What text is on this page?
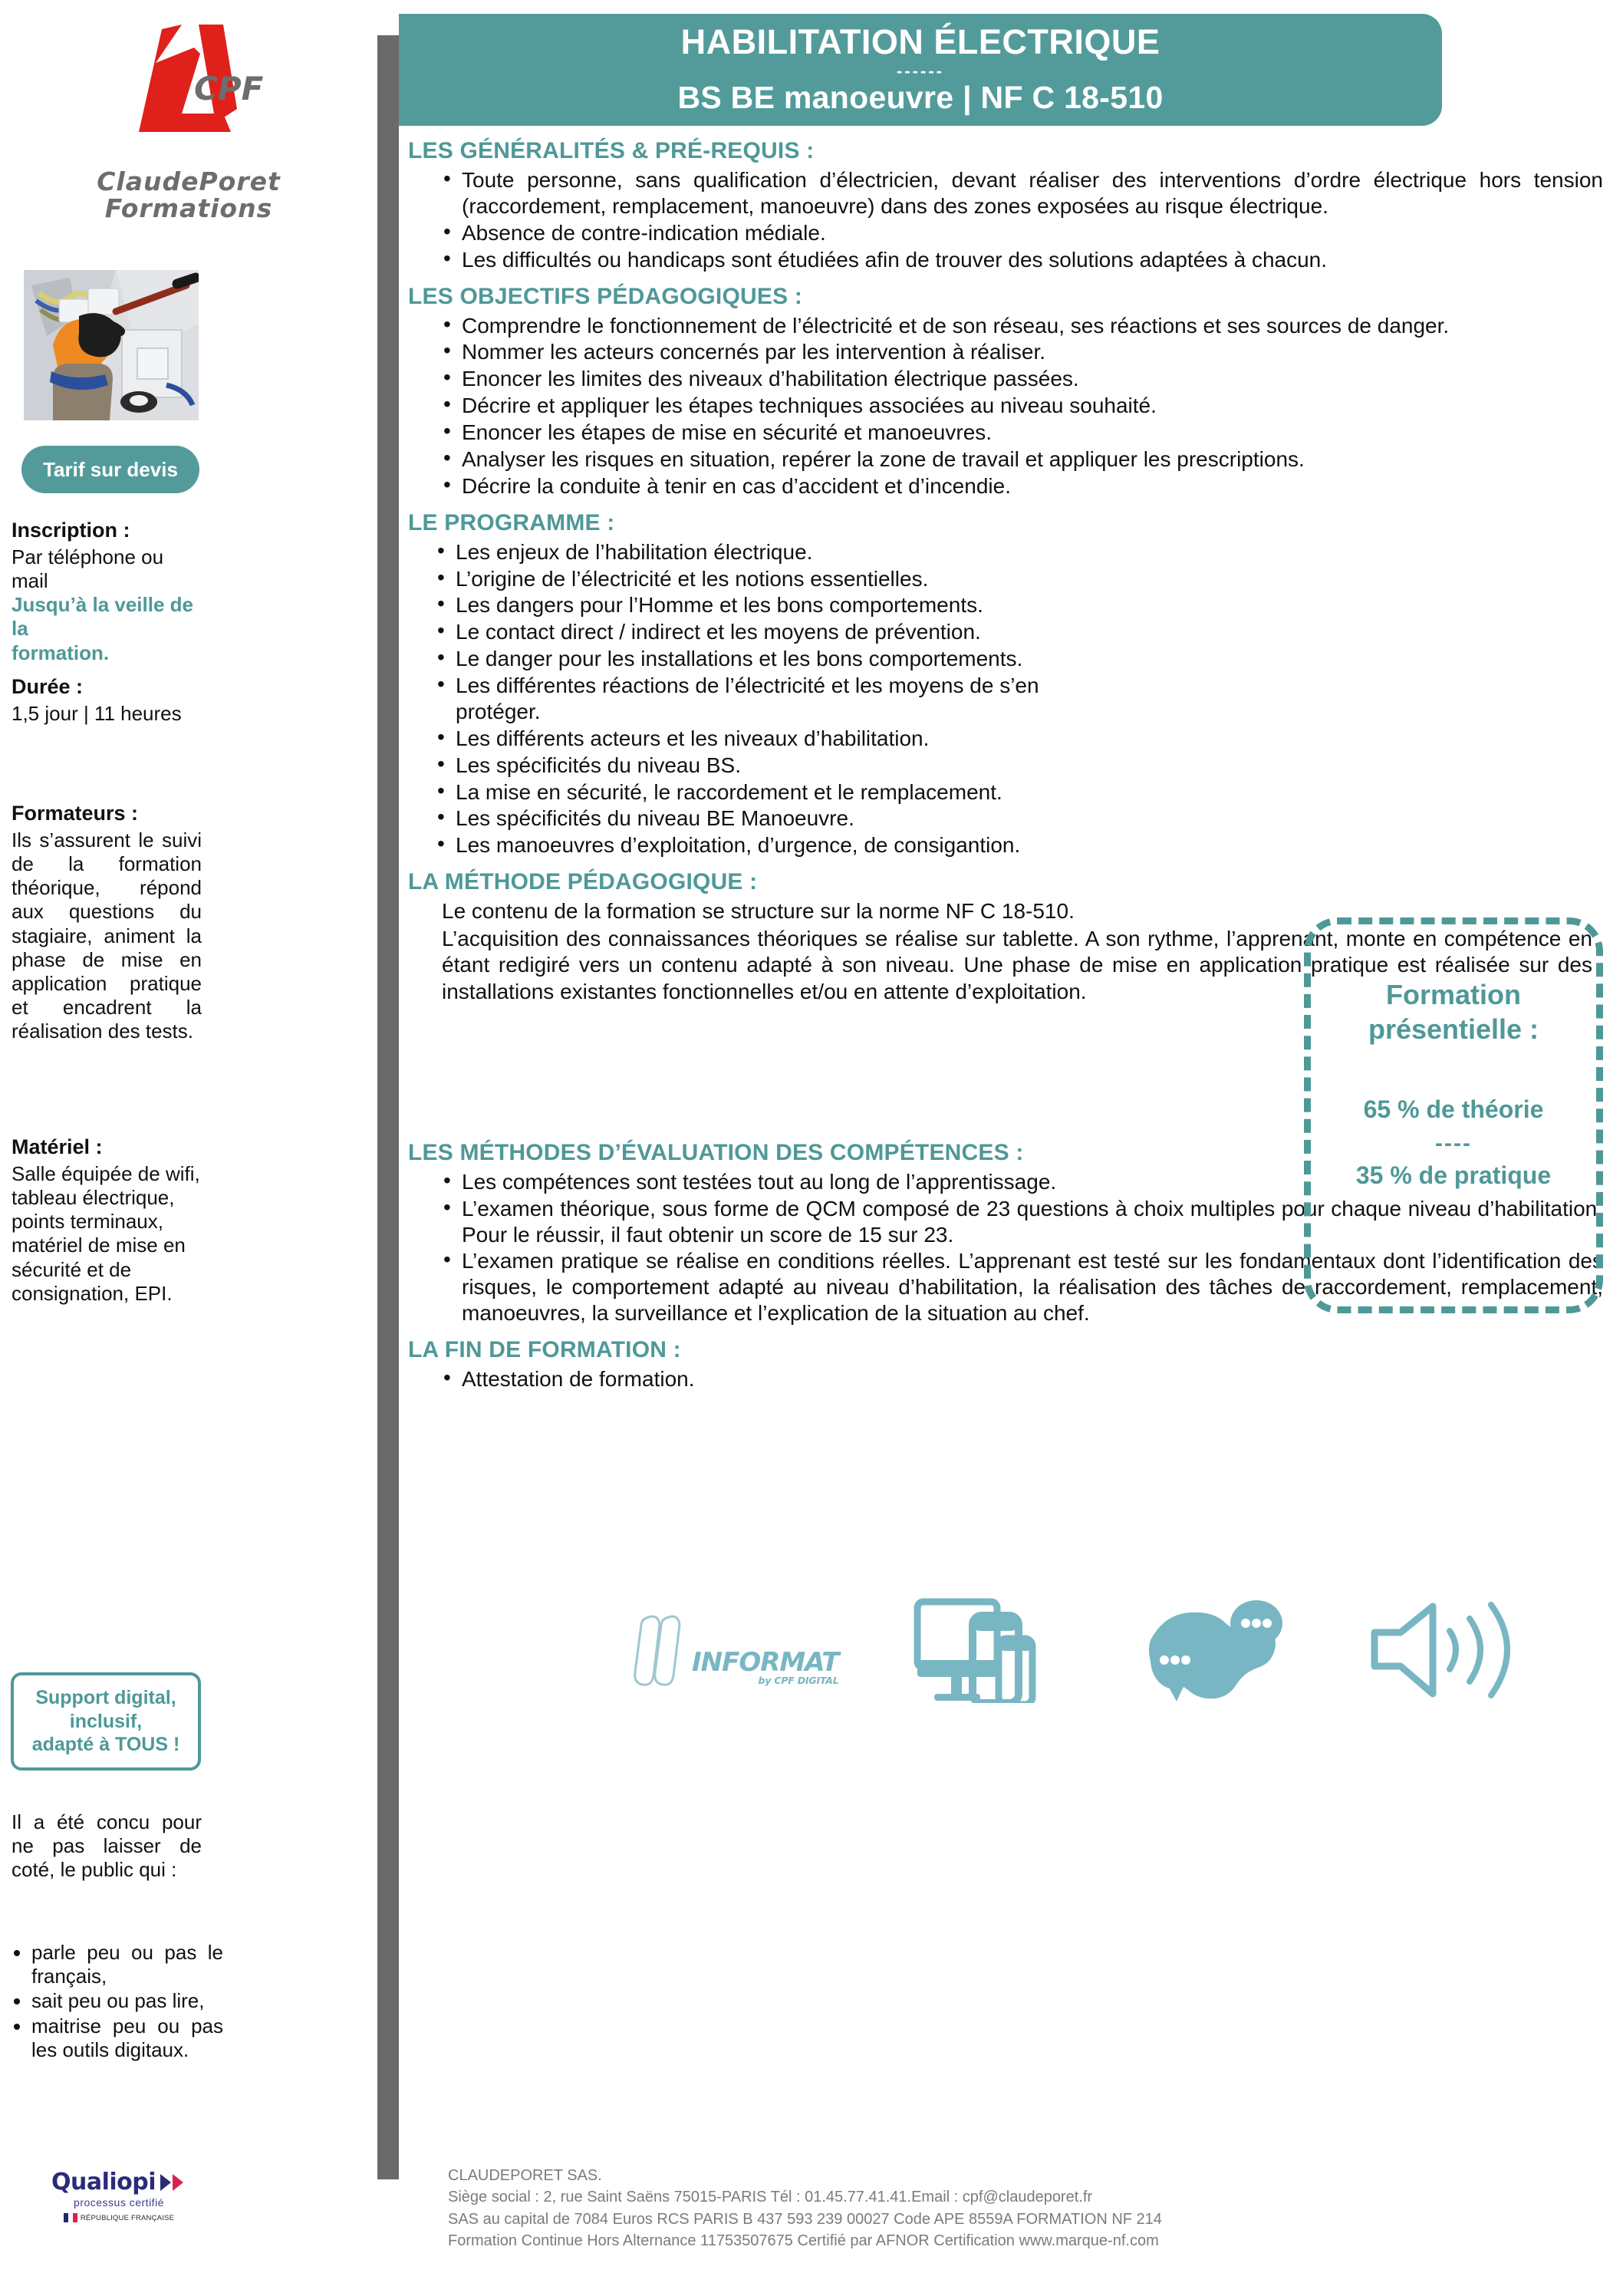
CPF
ClaudePoret
Formations
Tarif sur devis
Inscription :
Par téléphone ou mail
Jusqu’à la veille de la
formation.
Durée :
1,5 jour | 11 heures
Formateurs :
Ils s’assurent le suivi de la formation théorique, répond aux questions du stagiaire, animent la phase de mise en application pratique et encadrent la réalisation des tests.
Matériel :
Salle équipée de wifi, tableau électrique, points terminaux, matériel de mise en sécurité et de consignation, EPI.
Support digital,
inclusif,
adapté à TOUS !
Il a été concu pour ne pas laisser de coté, le public qui :
• parle peu ou pas le français,
• sait peu ou pas lire,
• maitrise peu ou pas les outils digitaux.
Qualiopi
processus certifié
RÉPUBLIQUE FRANÇAISE
HABILITATION ÉLECTRIQUE
------
BS BE manoeuvre | NF C 18-510
LES GÉNÉRALITÉS & PRÉ-REQUIS :
• Toute personne, sans qualification d’électricien, devant réaliser des interventions d’ordre électrique hors tension (raccordement, remplacement, manoeuvre) dans des zones exposées au risque électrique.
• Absence de contre-indication médiale.
• Les difficultés ou handicaps sont étudiées afin de trouver des solutions adaptées à chacun.
LES OBJECTIFS PÉDAGOGIQUES :
• Comprendre le fonctionnement de l’électricité et de son réseau, ses réactions et ses sources de danger.
• Nommer les acteurs concernés par les intervention à réaliser.
• Enoncer les limites des niveaux d’habilitation électrique passées.
• Décrire et appliquer les étapes techniques associées au niveau souhaité.
• Enoncer les étapes de mise en sécurité et manoeuvres.
• Analyser les risques en situation, repérer la zone de travail et appliquer les prescriptions.
• Décrire la conduite à tenir en cas d’accident et d’incendie.
LE PROGRAMME :
• Les enjeux de l’habilitation électrique.
• L’origine de l’électricité et les notions essentielles.
• Les dangers pour l’Homme et les bons comportements.
• Le contact direct / indirect et les moyens de prévention.
• Le danger pour les installations et les bons comportements.
• Les différentes réactions de l’électricité et les moyens de s’en protéger.
• Les différents acteurs et les niveaux d’habilitation.
• Les spécificités du niveau BS.
• La mise en sécurité, le raccordement et le remplacement.
• Les spécificités du niveau BE Manoeuvre.
• Les manoeuvres d’exploitation, d’urgence, de consigantion.
LA MÉTHODE PÉDAGOGIQUE :
Le contenu de la formation se structure sur la norme NF C 18-510.
L’acquisition des connaissances théoriques se réalise sur tablette. A son rythme, l’apprenant, monte en compétence en étant redigiré vers un contenu adapté à son niveau. Une phase de mise en application pratique est réalisée sur des installations existantes fonctionnelles et/ou en attente d’exploitation.
LES MÉTHODES D’ÉVALUATION DES COMPÉTENCES :
• Les compétences sont testées tout au long de l’apprentissage.
• L’examen théorique, sous forme de QCM composé de 23 questions à choix multiples pour chaque niveau d’habilitation. Pour le réussir, il faut obtenir un score de 15 sur 23.
• L’examen pratique se réalise en conditions réelles. L’apprenant est testé sur les fondamentaux dont l’identification des risques, le comportement adapté au niveau d’habilitation, la réalisation des tâches de raccordement, remplacement, manoeuvres, la surveillance et l’explication de la situation au chef.
LA FIN DE FORMATION :
• Attestation de formation.
Formation
présentielle :
65 % de théorie
----
35 % de pratique
INFORMAT
by CPF DIGITAL
CLAUDEPORET SAS.
Siège social : 2, rue Saint Saëns 75015-PARIS Tél : 01.45.77.41.41.Email : cpf@claudeporet.fr
SAS au capital de 7084 Euros RCS PARIS B 437 593 239 00027 Code APE 8559A FORMATION NF 214
Formation Continue Hors Alternance 11753507675 Certifié par AFNOR Certification www.marque-nf.com
